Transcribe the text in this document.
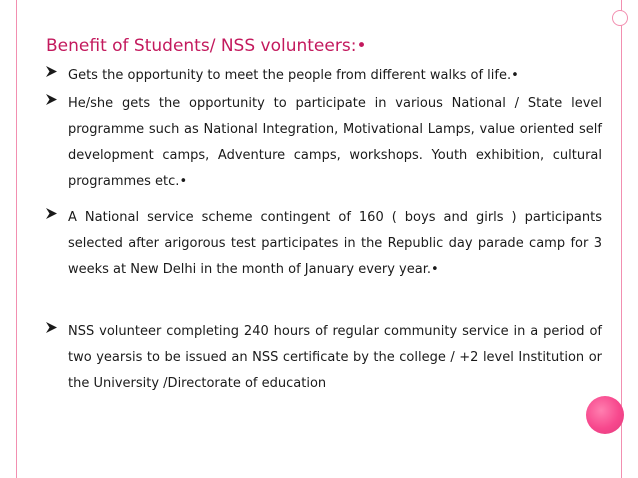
Benefit of Students/ NSS volunteers:•
Gets the opportunity to meet the people from different walks of life.•
He/she gets the opportunity to participate in various National / State level programme such as National Integration, Motivational Lamps, value oriented self development camps, Adventure camps, workshops. Youth exhibition, cultural programmes etc.•
A National service scheme contingent of 160 ( boys and girls ) participants selected after arigorous test participates in the Republic day parade camp for 3 weeks at New Delhi in the month of January every year.•
NSS volunteer completing 240 hours of regular community service in a period of two yearsis to be issued an NSS certificate by the college / +2 level Institution or the University /Directorate of education
